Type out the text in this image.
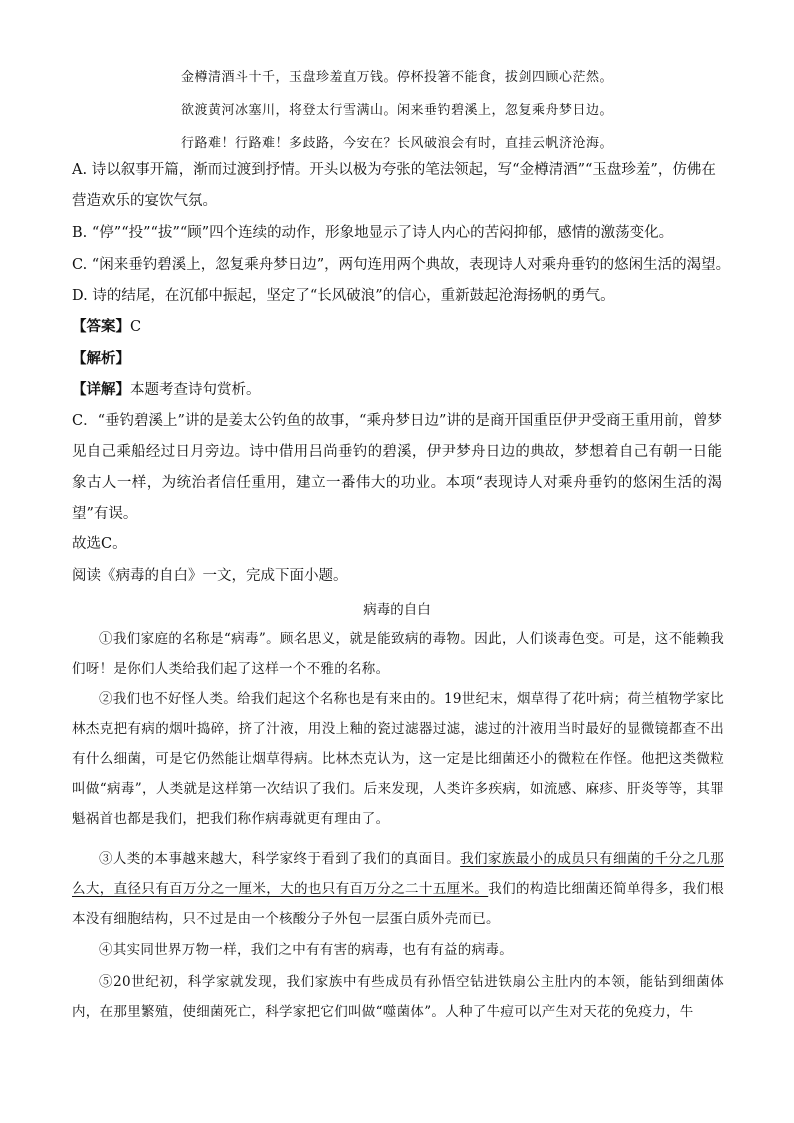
金樽清酒斗十千，玉盘珍羞直万钱。停杯投箸不能食，拔剑四顾心茫然。
欲渡黄河冰塞川，将登太行雪满山。闲来垂钓碧溪上，忽复乘舟梦日边。
行路难！行路难！多歧路，今安在？长风破浪会有时，直挂云帆济沧海。
A. 诗以叙事开篇，渐而过渡到抒情。开头以极为夸张的笔法领起，写“金樽清酒”“玉盘珍羞”，仿佛在
营造欢乐的宴饮气氛。
B. “停”“投”“拔”“顾”四个连续的动作，形象地显示了诗人内心的苦闷抑郁，感情的激荡变化。
C. “闲来垂钓碧溪上，忽复乘舟梦日边”，两句连用两个典故，表现诗人对乘舟垂钓的悠闲生活的渴望。
D. 诗的结尾，在沉郁中振起，坚定了“长风破浪”的信心，重新鼓起沧海扬帆的勇气。
【答案】C
【解析】
【详解】本题考查诗句赏析。
C．“垂钓碧溪上”讲的是姜太公钓鱼的故事，“乘舟梦日边”讲的是商开国重臣伊尹受商王重用前，曾梦见自己乘船经过日月旁边。诗中借用吕尚垂钓的碧溪，伊尹梦舟日边的典故，梦想着自己有朝一日能象古人一样，为统治者信任重用，建立一番伟大的功业。本项“表现诗人对乘舟垂钓的悠闲生活的渴望”有误。
故选C。
阅读《病毒的自白》一文，完成下面小题。
病毒的自白
①我们家庭的名称是“病毒”。顾名思义，就是能致病的毒物。因此，人们谈毒色变。可是，这不能赖我们呀！是你们人类给我们起了这样一个不雅的名称。
②我们也不好怪人类。给我们起这个名称也是有来由的。19世纪末，烟草得了花叶病；荷兰植物学家比林杰克把有病的烟叶捣碎，挤了汁液，用没上釉的瓷过滤器过滤，滤过的汁液用当时最好的显微镜都查不出有什么细菌，可是它仍然能让烟草得病。比林杰克认为，这一定是比细菌还小的微粒在作怪。他把这类微粒叫做“病毒”，人类就是这样第一次结识了我们。后来发现，人类许多疾病，如流感、麻疹、肝炎等等，其罪魁祸首也都是我们，把我们称作病毒就更有理由了。
③人类的本事越来越大，科学家终于看到了我们的真面目。我们家族最小的成员只有细菌的千分之几那么大，直径只有百万分之一厘米，大的也只有百万分之二十五厘米。我们的构造比细菌还简单得多，我们根本没有细胞结构，只不过是由一个核酸分子外包一层蛋白质外壳而已。
④其实同世界万物一样，我们之中有有害的病毒，也有有益的病毒。
⑤20世纪初，科学家就发现，我们家族中有些成员有孙悟空钻进铁扇公主肚内的本领，能钻到细菌体内，在那里繁殖，使细菌死亡，科学家把它们叫做“噬菌体”。人种了牛痘可以产生对天花的免疫力，牛
